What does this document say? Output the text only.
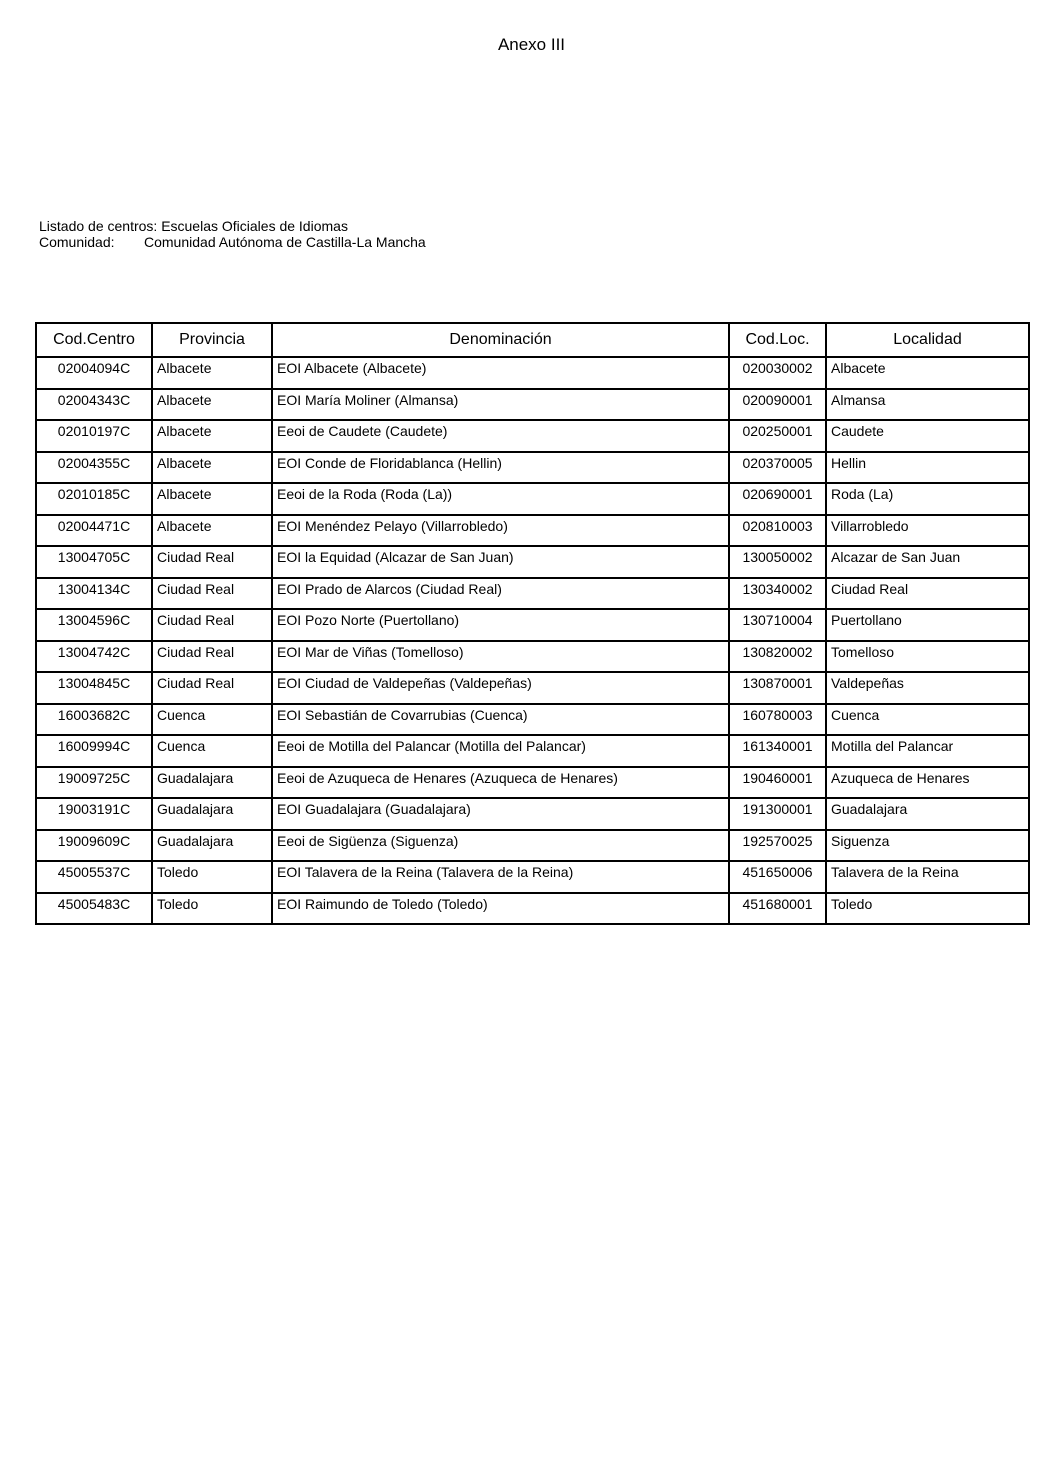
Anexo III
Listado de centros: Escuelas Oficiales de Idiomas
Comunidad: Comunidad Autónoma de Castilla-La Mancha
Cod.Centro	Provincia	Denominación	Cod.Loc.	Localidad
02004094C	Albacete	EOI Albacete (Albacete)	020030002	Albacete
02004343C	Albacete	EOI María Moliner (Almansa)	020090001	Almansa
02010197C	Albacete	Eeoi de Caudete (Caudete)	020250001	Caudete
02004355C	Albacete	EOI Conde de Floridablanca (Hellin)	020370005	Hellin
02010185C	Albacete	Eeoi de la Roda (Roda (La))	020690001	Roda (La)
02004471C	Albacete	EOI Menéndez Pelayo (Villarrobledo)	020810003	Villarrobledo
13004705C	Ciudad Real	EOI la Equidad (Alcazar de San Juan)	130050002	Alcazar de San Juan
13004134C	Ciudad Real	EOI Prado de Alarcos (Ciudad Real)	130340002	Ciudad Real
13004596C	Ciudad Real	EOI Pozo Norte (Puertollano)	130710004	Puertollano
13004742C	Ciudad Real	EOI Mar de Viñas (Tomelloso)	130820002	Tomelloso
13004845C	Ciudad Real	EOI Ciudad de Valdepeñas (Valdepeñas)	130870001	Valdepeñas
16003682C	Cuenca	EOI Sebastián de Covarrubias (Cuenca)	160780003	Cuenca
16009994C	Cuenca	Eeoi de Motilla del Palancar (Motilla del Palancar)	161340001	Motilla del Palancar
19009725C	Guadalajara	Eeoi de Azuqueca de Henares (Azuqueca de Henares)	190460001	Azuqueca de Henares
19003191C	Guadalajara	EOI Guadalajara (Guadalajara)	191300001	Guadalajara
19009609C	Guadalajara	Eeoi de Sigüenza (Siguenza)	192570025	Siguenza
45005537C	Toledo	EOI Talavera de la Reina (Talavera de la Reina)	451650006	Talavera de la Reina
45005483C	Toledo	EOI Raimundo de Toledo (Toledo)	451680001	Toledo
